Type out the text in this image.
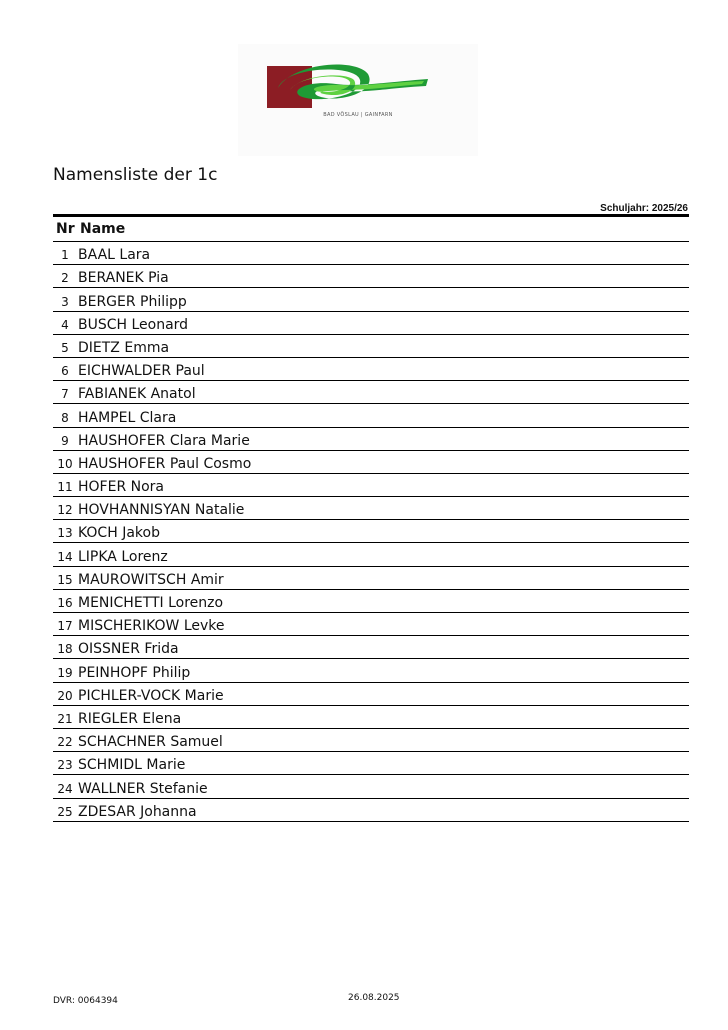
BAD VÖSLAU | GAINFARN
Namensliste der 1c
Schuljahr: 2025/26
Nr Name
1 BAAL Lara
2 BERANEK Pia
3 BERGER Philipp
4 BUSCH Leonard
5 DIETZ Emma
6 EICHWALDER Paul
7 FABIANEK Anatol
8 HAMPEL Clara
9 HAUSHOFER Clara Marie
10 HAUSHOFER Paul Cosmo
11 HOFER Nora
12 HOVHANNISYAN Natalie
13 KOCH Jakob
14 LIPKA Lorenz
15 MAUROWITSCH Amir
16 MENICHETTI Lorenzo
17 MISCHERIKOW Levke
18 OISSNER Frida
19 PEINHOPF Philip
20 PICHLER-VOCK Marie
21 RIEGLER Elena
22 SCHACHNER Samuel
23 SCHMIDL Marie
24 WALLNER Stefanie
25 ZDESAR Johanna
DVR: 0064394	26.08.2025
